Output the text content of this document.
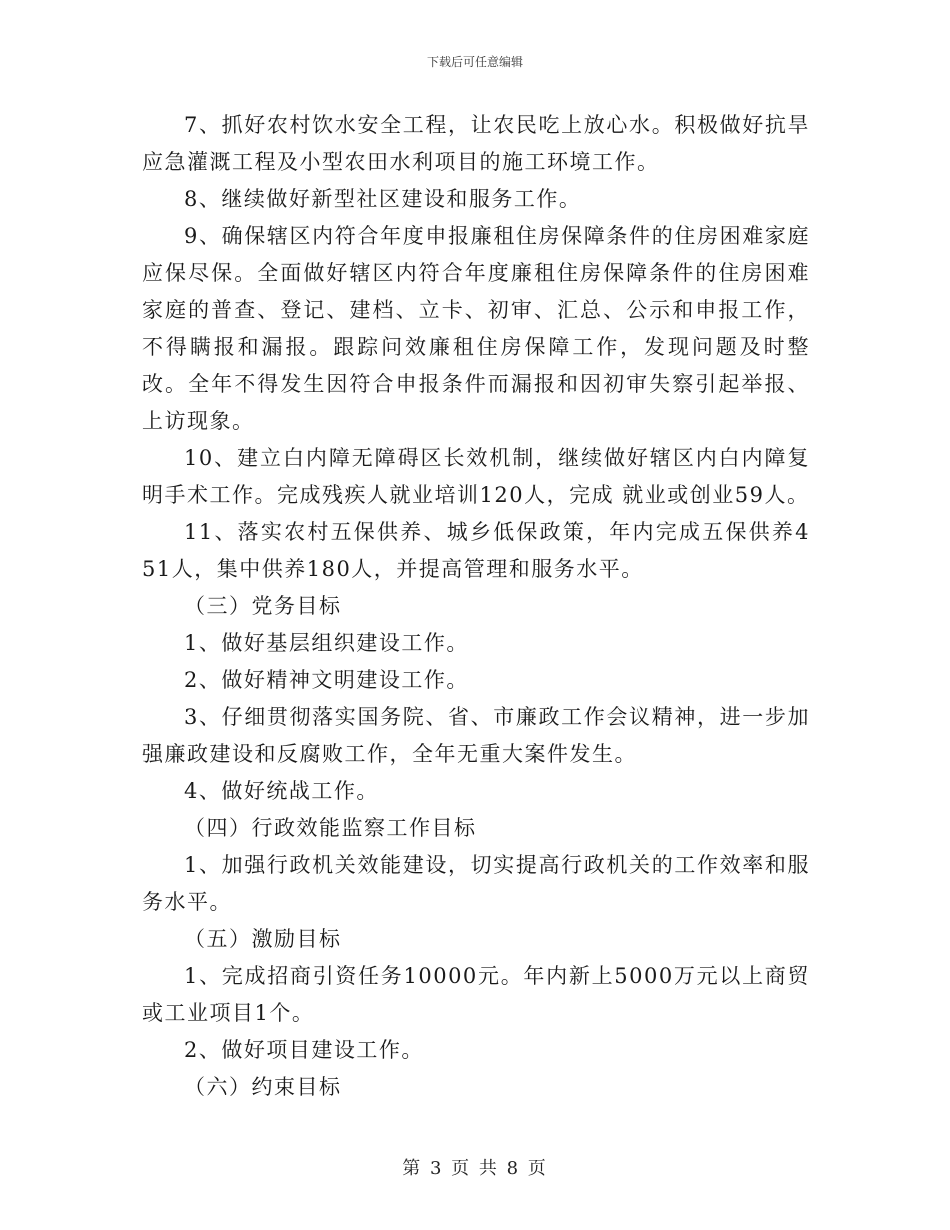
下载后可任意编辑

7、抓好农村饮水安全工程，让农民吃上放心水。积极做好抗旱应急灌溉工程及小型农田水利项目的施工环境工作。

8、继续做好新型社区建设和服务工作。

9、确保辖区内符合年度申报廉租住房保障条件的住房困难家庭应保尽保。全面做好辖区内符合年度廉租住房保障条件的住房困难家庭的普查、登记、建档、立卡、初审、汇总、公示和申报工作，不得瞒报和漏报。跟踪问效廉租住房保障工作，发现问题及时整改。全年不得发生因符合申报条件而漏报和因初审失察引起举报、上访现象。

10、建立白内障无障碍区长效机制，继续做好辖区内白内障复明手术工作。完成残疾人就业培训120人，完成 就业或创业59人。

11、落实农村五保供养、城乡低保政策，年内完成五保供养4 51人，集中供养180人，并提高管理和服务水平。

（三）党务目标

1、做好基层组织建设工作。

2、做好精神文明建设工作。

3、仔细贯彻落实国务院、省、市廉政工作会议精神，进一步加强廉政建设和反腐败工作，全年无重大案件发生。

4、做好统战工作。

（四）行政效能监察工作目标

1、加强行政机关效能建设，切实提高行政机关的工作效率和服务水平。

（五）激励目标

1、完成招商引资任务10000元。年内新上5000万元以上商贸或工业项目1个。

2、做好项目建设工作。

（六）约束目标

第 3 页 共 8 页
